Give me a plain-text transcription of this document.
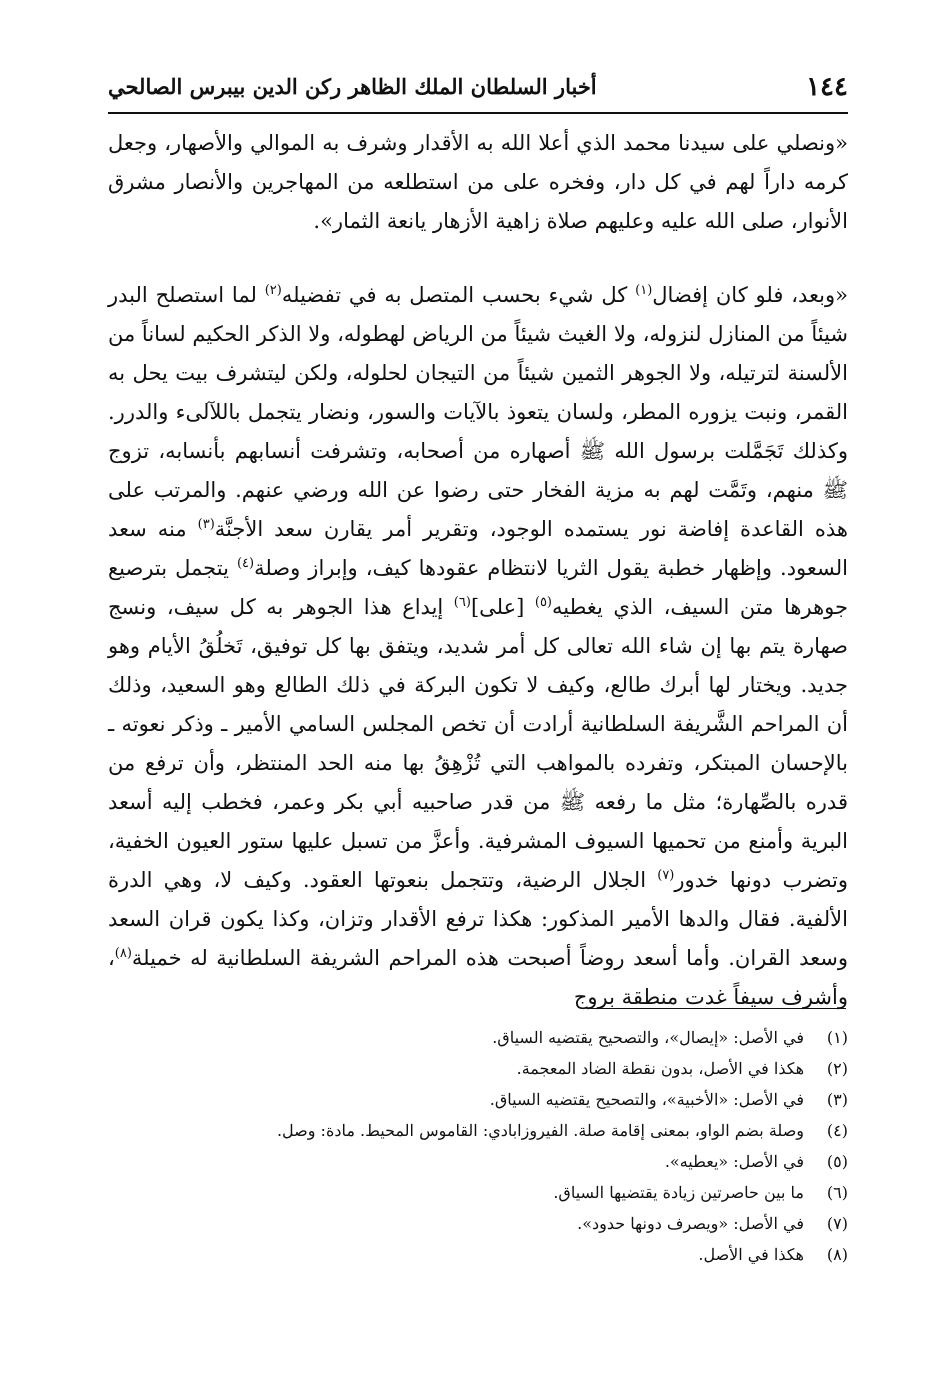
١٤٤
أخبار السلطان الملك الظاهر ركن الدين بيبرس الصالحي

«ونصلي على سيدنا محمد الذي أعلا الله به الأقدار وشرف به الموالي والأصهار، وجعل كرمه داراً لهم في كل دار، وفخره على من استطلعه من المهاجرين والأنصار مشرق الأنوار، صلى الله عليه وعليهم صلاة زاهية الأزهار يانعة الثمار».

«وبعد، فلو كان إفضال$^{(١)}$ كل شيء بحسب المتصل به في تفضيله$^{(٢)}$ لما استصلح البدر شيئاً من المنازل لنزوله، ولا الغيث شيئاً من الرياض لهطوله، ولا الذكر الحكيم لساناً من الألسنة لترتيله، ولا الجوهر الثمين شيئاً من التيجان لحلوله، ولكن ليتشرف بيت يحل به القمر، ونبت يزوره المطر، ولسان يتعوذ بالآيات والسور، ونضار يتجمل باللآلىء والدرر. وكذلك تَجَمَّلت برسول الله ﷺ أصهاره من أصحابه، وتشرفت أنسابهم بأنسابه، تزوج ﷺ منهم، وتَمَّت لهم به مزية الفخار حتى رضوا عن الله ورضي عنهم. والمرتب على هذه القاعدة إفاضة نور يستمده الوجود، وتقرير أمر يقارن سعد الأجنَّة$^{(٣)}$ منه سعد السعود. وإظهار خطبة يقول الثريا لانتظام عقودها كيف، وإبراز وصلة$^{(٤)}$ يتجمل بترصيع جوهرها متن السيف، الذي يغطيه$^{(٥)}$ [على]$^{(٦)}$ إيداع هذا الجوهر به كل سيف، ونسج صهارة يتم بها إن شاء الله تعالى كل أمر شديد، ويتفق بها كل توفيق، تَخلُقُ الأيام وهو جديد. ويختار لها أبرك طالع، وكيف لا تكون البركة في ذلك الطالع وهو السعيد، وذلك أن المراحم الشَّريفة السلطانية أرادت أن تخص المجلس السامي الأمير ـ وذكر نعوته ـ بالإحسان المبتكر، وتفرده بالمواهب التي تُزْهِقُ بها منه الحد المنتظر، وأن ترفع من قدره بالصِّهارة؛ مثل ما رفعه ﷺ من قدر صاحبيه أبي بكر وعمر، فخطب إليه أسعد البرية وأمنع من تحميها السيوف المشرفية. وأعزَّ من تسبل عليها ستور العيون الخفية، وتضرب دونها خدور$^{(٧)}$ الجلال الرضية، وتتجمل بنعوتها العقود. وكيف لا، وهي الدرة الألفية. فقال والدها الأمير المذكور: هكذا ترفع الأقدار وتزان، وكذا يكون قران السعد وسعد القران. وأما أسعد روضاً أصبحت هذه المراحم الشريفة السلطانية له خميلة$^{(٨)}$، وأشرف سيفاً غدت منطقة بروج

(١)
في الأصل: «إيصال»، والتصحيح يقتضيه السياق.
(٢)
هكذا في الأصل، بدون نقطة الضاد المعجمة.
(٣)
في الأصل: «الأخبية»، والتصحيح يقتضيه السياق.
(٤)
وصلة بضم الواو، بمعنى إقامة صلة. الفيروزابادي: القاموس المحيط. مادة: وصل.
(٥)
في الأصل: «يعطيه».
(٦)
ما بين حاصرتين زيادة يقتضيها السياق.
(٧)
في الأصل: «ويصرف دونها حدود».
(٨)
هكذا في الأصل.
